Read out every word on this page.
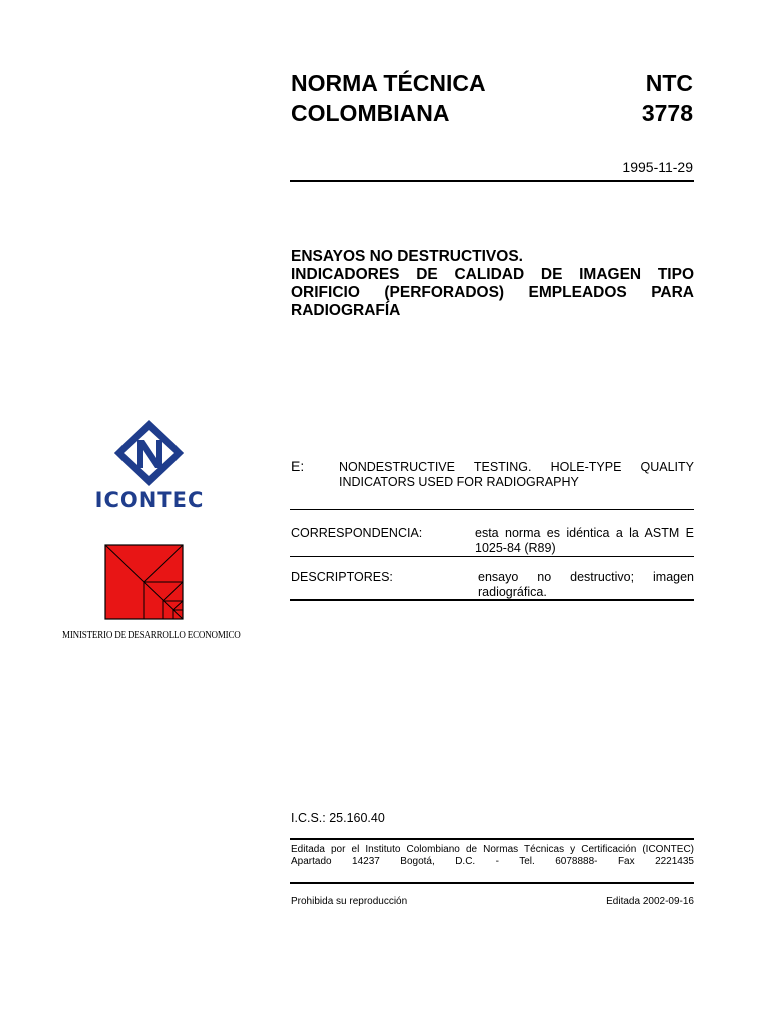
NORMA TÉCNICA
COLOMBIANA
NTC
3778
1995-11-29
ENSAYOS NO DESTRUCTIVOS.
INDICADORES DE CALIDAD DE IMAGEN TIPO
ORIFICIO (PERFORADOS) EMPLEADOS PARA
RADIOGRAFÍA
ICONTEC
MINISTERIO DE DESARROLLO ECONOMICO
E:	NONDESTRUCTIVE TESTING. HOLE-TYPE QUALITY
INDICATORS USED FOR RADIOGRAPHY
CORRESPONDENCIA:	esta norma es idéntica a la ASTM E
1025-84 (R89)
DESCRIPTORES:	ensayo no destructivo; imagen
radiográfica.
I.C.S.: 25.160.40
Editada por el Instituto Colombiano de Normas Técnicas y Certificación (ICONTEC)
Apartado 14237 Bogotá, D.C. - Tel. 6078888- Fax 2221435
Prohibida su reproducción	Editada 2002-09-16
